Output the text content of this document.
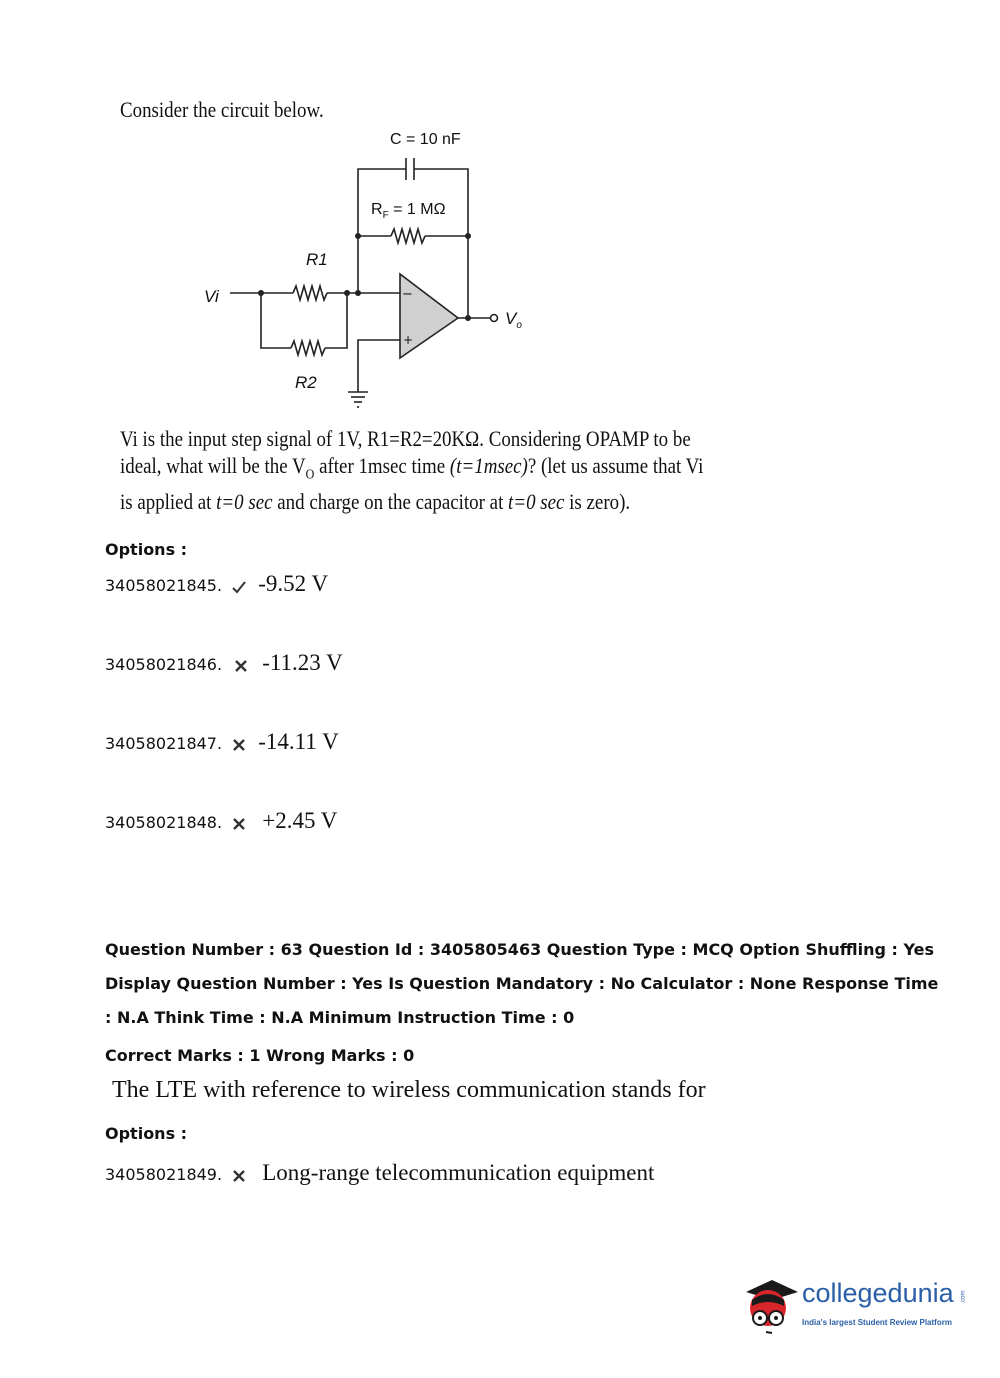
Consider the circuit below.
C = 10 nF
$R_F = 1$ MΩ
R1
R2
Vi
$V_o$
−
+
Vi is the input step signal of 1V, R1=R2=20KΩ. Considering OPAMP to be
ideal, what will be the $V_O$ after 1msec time (t=1msec)? (let us assume that Vi
is applied at t=0 sec and charge on the capacitor at t=0 sec is zero).
Options :
34058021845. -9.52 V
34058021846. -11.23 V
34058021847. -14.11 V
34058021848. +2.45 V
Question Number : 63 Question Id : 3405805463 Question Type : MCQ Option Shuffling : Yes
Display Question Number : Yes Is Question Mandatory : No Calculator : None Response Time
: N.A Think Time : N.A Minimum Instruction Time : 0
Correct Marks : 1 Wrong Marks : 0
The LTE with reference to wireless communication stands for
Options :
34058021849. Long-range telecommunication equipment
collegedunia .com
India's largest Student Review Platform
